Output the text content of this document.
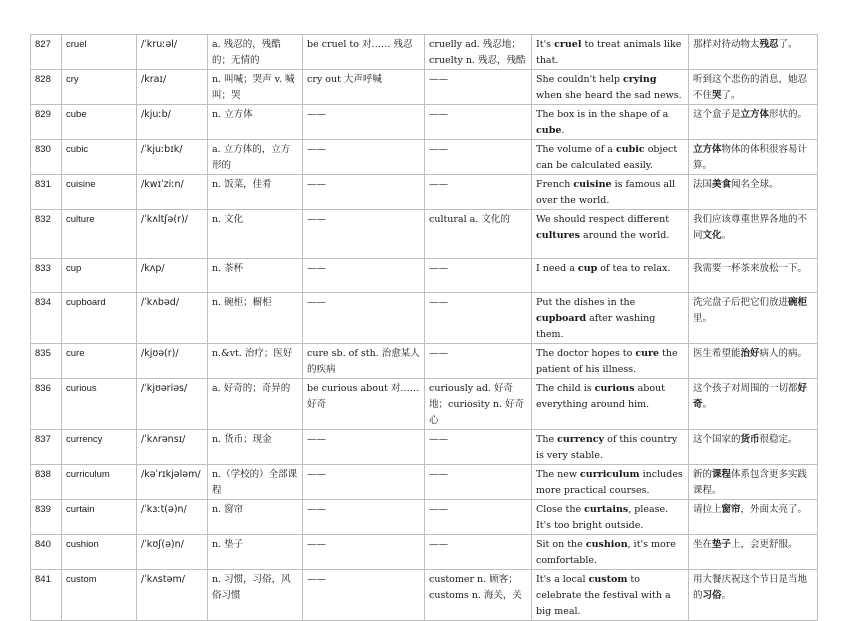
827	cruel	/ˈkruːəl/	a. 残忍的，残酷的；无情的	be cruel to 对…… 残忍	cruelly ad. 残忍地；cruelty n. 残忍，残酷	It's cruel to treat animals like that.	那样对待动物太残忍了。
828	cry	/kraɪ/	n. 叫喊；哭声 v. 喊叫；哭	cry out 大声呼喊	——	She couldn't help crying when she heard the sad news.	听到这个悲伤的消息，她忍不住哭了。
829	cube	/kjuːb/	n. 立方体	——	——	The box is in the shape of a cube.	这个盒子是立方体形状的。
830	cubic	/ˈkjuːbɪk/	a. 立方体的，立方形的	——	——	The volume of a cubic object can be calculated easily.	立方体物体的体积很容易计算。
831	cuisine	/kwɪˈziːn/	n. 饭菜，佳肴	——	——	French cuisine is famous all over the world.	法国美食闻名全球。
832	culture	/ˈkʌltʃə(r)/	n. 文化	——	cultural a. 文化的	We should respect different cultures around the world.	我们应该尊重世界各地的不同文化。
833	cup	/kʌp/	n. 茶杯	——	——	I need a cup of tea to relax.	我需要一杯茶来放松一下。
834	cupboard	/ˈkʌbəd/	n. 碗柜；橱柜	——	——	Put the dishes in the cupboard after washing them.	洗完盘子后把它们放进碗柜里。
835	cure	/kjʊə(r)/	n.&vt. 治疗；医好	cure sb. of sth. 治愈某人的疾病	——	The doctor hopes to cure the patient of his illness.	医生希望能治好病人的病。
836	curious	/ˈkjʊəriəs/	a. 好奇的；奇异的	be curious about 对……好奇	curiously ad. 好奇地；curiosity n. 好奇心	The child is curious about everything around him.	这个孩子对周围的一切都好奇。
837	currency	/ˈkʌrənsɪ/	n. 货币；现金	——	——	The currency of this country is very stable.	这个国家的货币很稳定。
838	curriculum	/kəˈrɪkjələm/	n.（学校的）全部课程	——	——	The new curriculum includes more practical courses.	新的课程体系包含更多实践课程。
839	curtain	/ˈkɜːt(ə)n/	n. 窗帘	——	——	Close the curtains, please. It's too bright outside.	请拉上窗帘，外面太亮了。
840	cushion	/ˈkʊʃ(ə)n/	n. 垫子	——	——	Sit on the cushion, it's more comfortable.	坐在垫子上，会更舒服。
841	custom	/ˈkʌstəm/	n. 习惯，习俗，风俗习惯	——	customer n. 顾客；customs n. 海关，关	It's a local custom to celebrate the festival with a big meal.	用大餐庆祝这个节日是当地的习俗。
